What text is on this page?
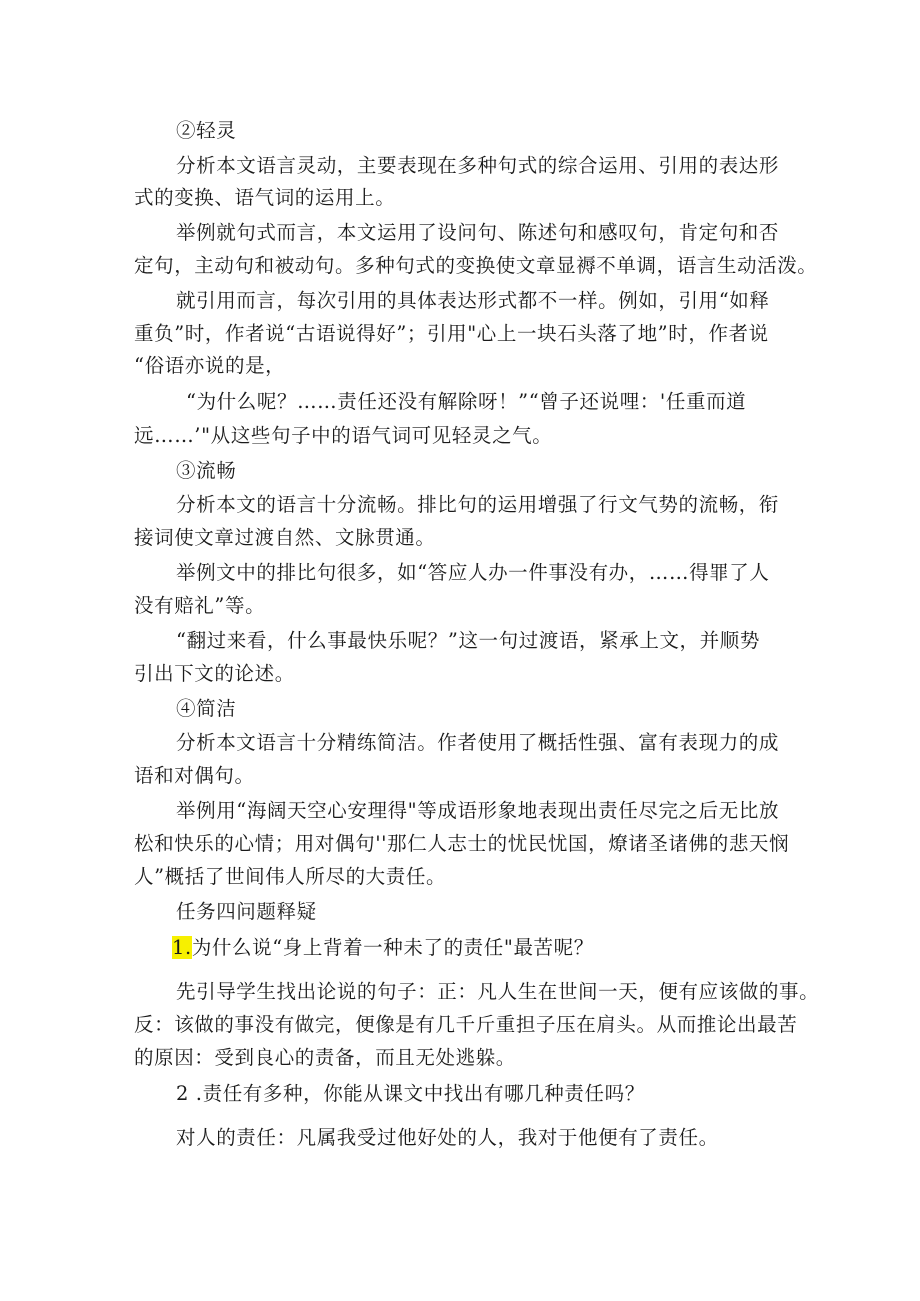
②轻灵
分析本文语言灵动，主要表现在多种句式的综合运用、引用的表达形
式的变换、语气词的运用上。
举例就句式而言，本文运用了设问句、陈述句和感叹句，肯定句和否
定句，主动句和被动句。多种句式的变换使文章显褥不单调，语言生动活泼。
就引用而言，每次引用的具体表达形式都不一样。例如，引用“如释
重负”时，作者说“古语说得好”；引用"心上一块石头落了地”时，作者说
“俗语亦说的是，
“为什么呢？……责任还没有解除呀！”“曾子还说哩：'任重而道
远……’"从这些句子中的语气词可见轻灵之气。
③流畅
分析本文的语言十分流畅。排比句的运用增强了行文气势的流畅，衔
接词使文章过渡自然、文脉贯通。
举例文中的排比句很多，如“答应人办一件事没有办，……得罪了人
没有赔礼”等。
“翻过来看，什么事最快乐呢？”这一句过渡语，紧承上文，并顺势
引出下文的论述。
④简洁
分析本文语言十分精练简洁。作者使用了概括性强、富有表现力的成
语和对偶句。
举例用“海阔天空心安理得"等成语形象地表现出责任尽完之后无比放
松和快乐的心情；用对偶句''那仁人志士的忧民忧国，燎诸圣诸佛的悲天悯
人”概括了世间伟人所尽的大责任。
任务四问题释疑
1.为什么说“身上背着一种未了的责任"最苦呢？
先引导学生找出论说的句子：正：凡人生在世间一天，便有应该做的事。
反：该做的事没有做完，便像是有几千斤重担子压在肩头。从而推论出最苦
的原因：受到良心的责备，而且无处逃躲。
2 .责任有多种，你能从课文中找出有哪几种责任吗？
对人的责任：凡属我受过他好处的人，我对于他便有了责任。
